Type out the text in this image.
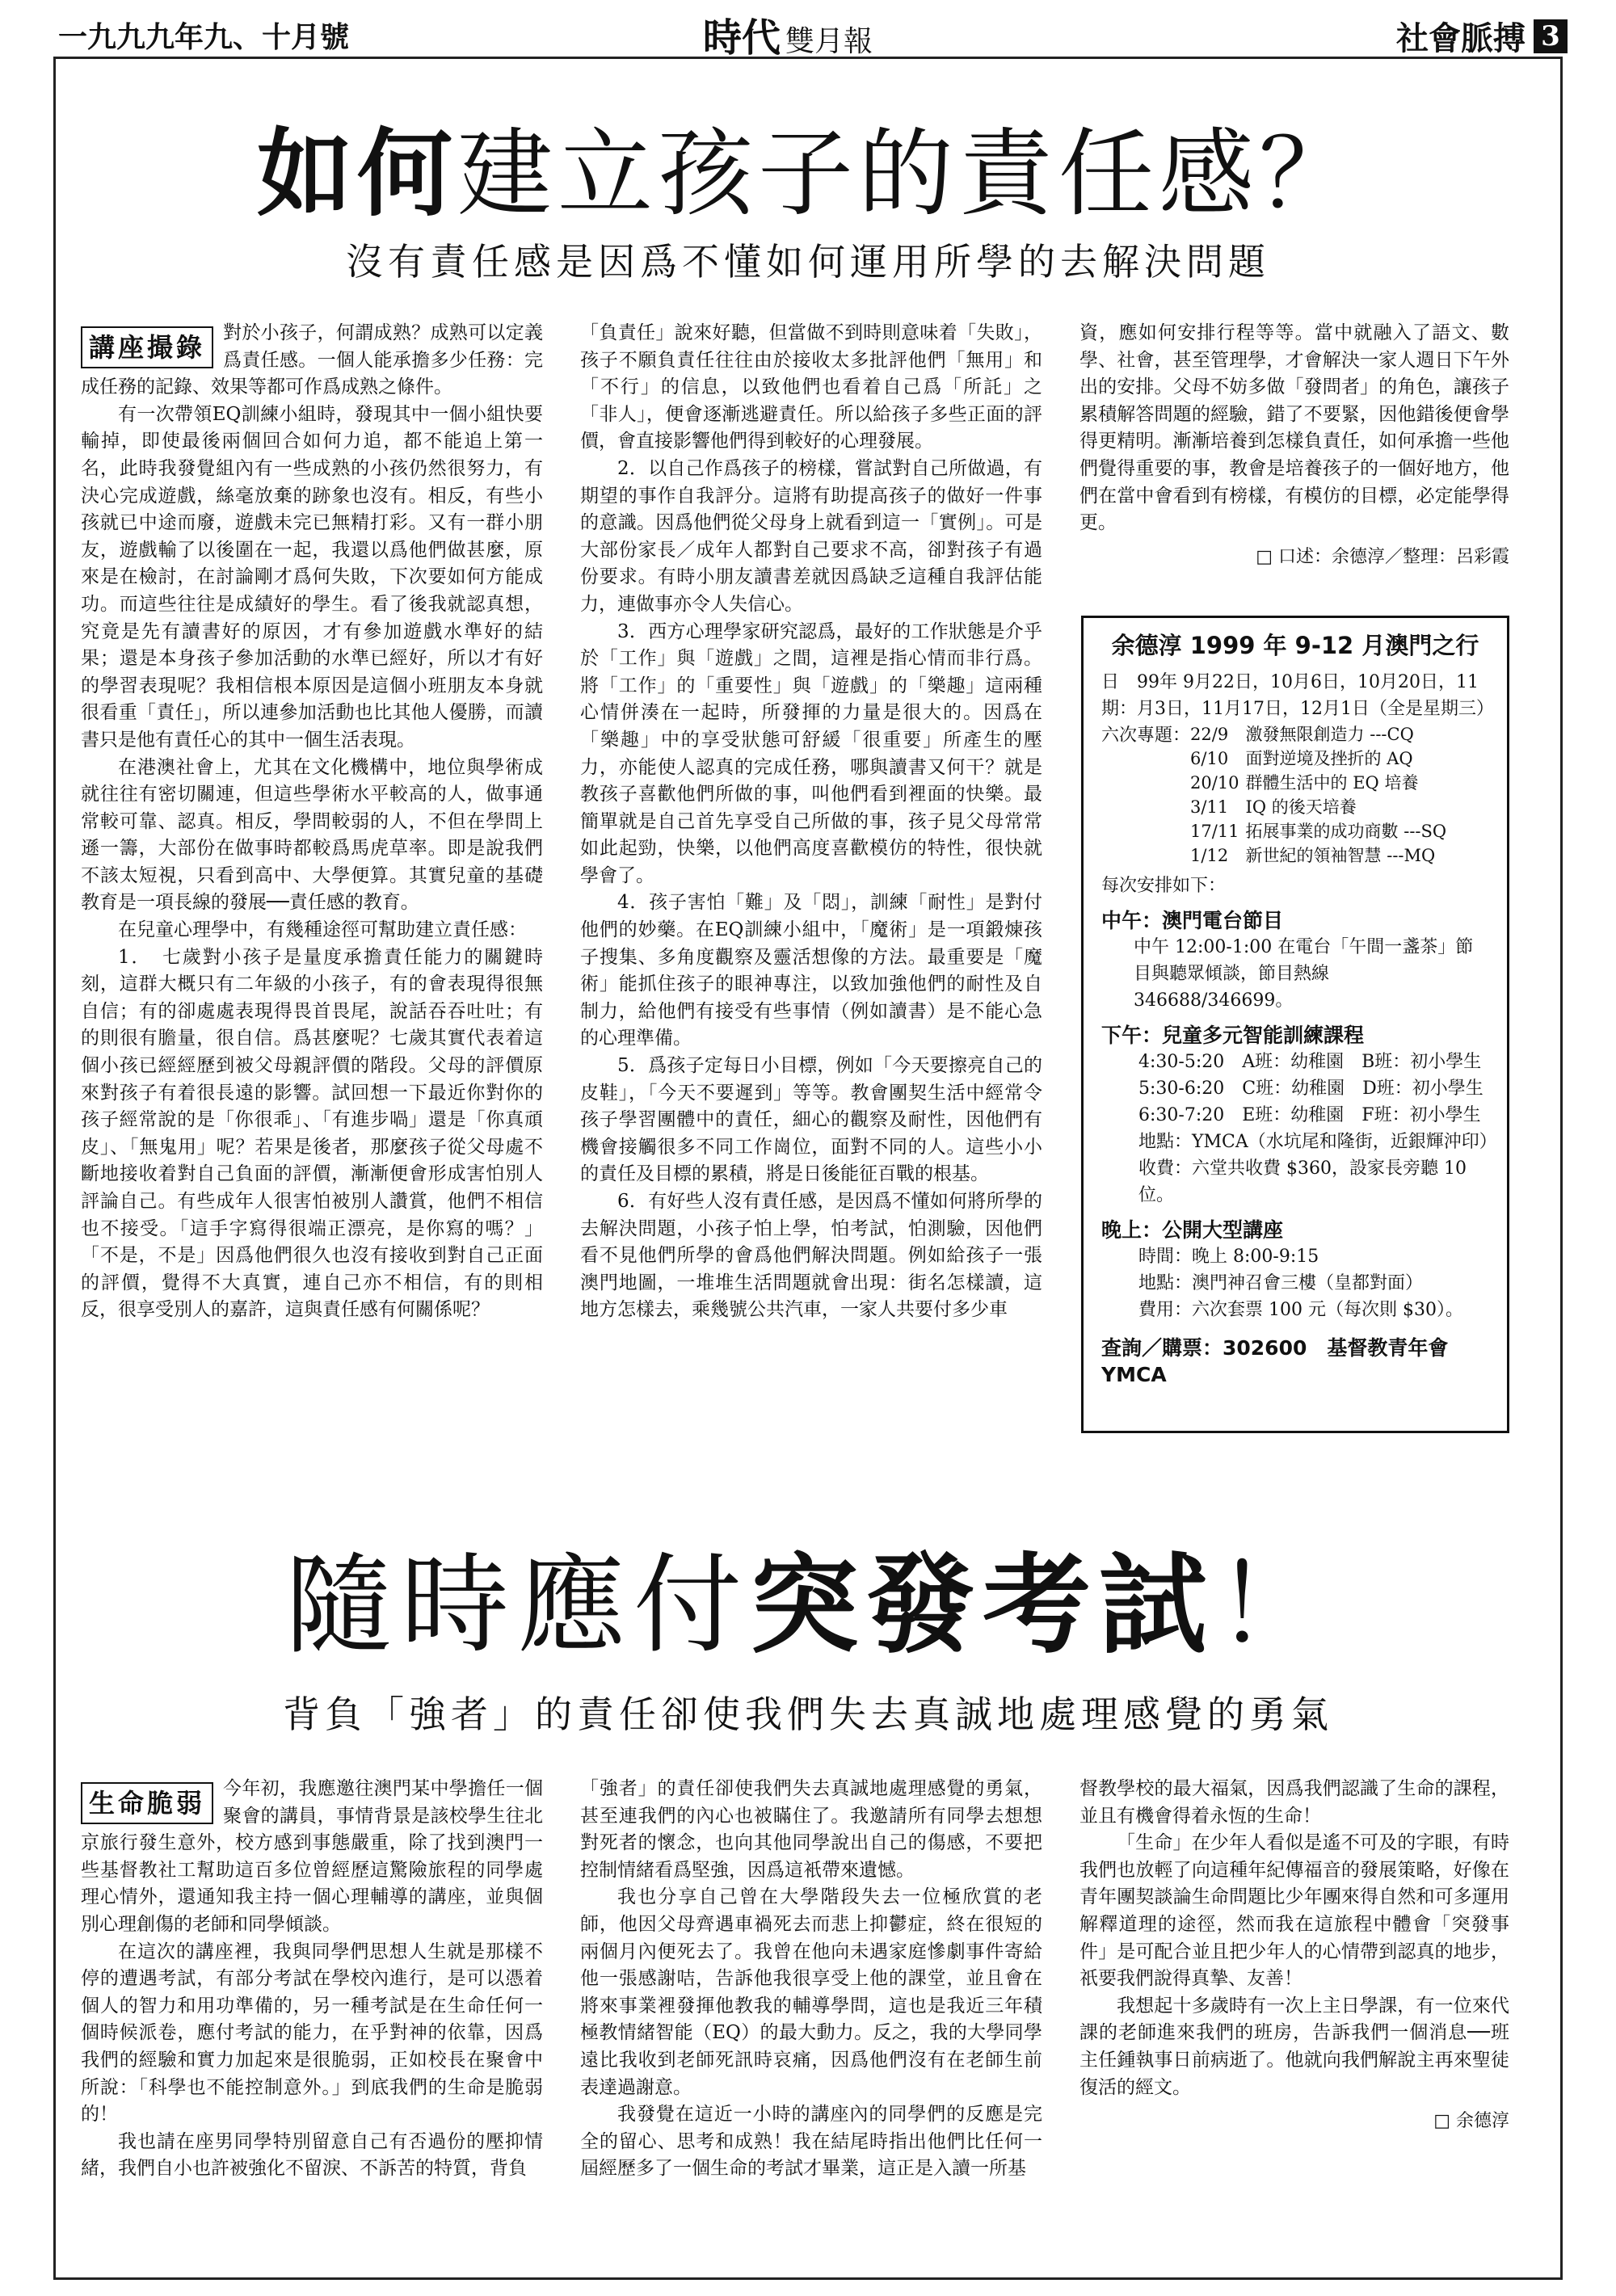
一九九九年九、十月號	時代 雙月報	社會脈搏 3
如何建立孩子的責任感？
沒有責任感是因爲不懂如何運用所學的去解決問題
講座撮錄 對於小孩子，何謂成熟？成熟可以定義爲責任感。一個人能承擔多少任務：完成任務的記錄、效果等都可作爲成熟之條件。

有一次帶領EQ訓練小組時，發現其中一個小組快要輸掉，即使最後兩個回合如何力追，都不能追上第一名，此時我發覺組內有一些成熟的小孩仍然很努力，有決心完成遊戲，絲毫放棄的跡象也沒有。相反，有些小孩就已中途而廢，遊戲未完已無精打彩。又有一群小朋友，遊戲輸了以後圍在一起，我還以爲他們做甚麼，原來是在檢討，在討論剛才爲何失敗，下次要如何方能成功。而這些往往是成績好的學生。看了後我就認真想，究竟是先有讀書好的原因，才有參加遊戲水準好的結果；還是本身孩子參加活動的水準已經好，所以才有好的學習表現呢？我相信根本原因是這個小班朋友本身就很看重「責任」，所以連參加活動也比其他人優勝，而讀書只是他有責任心的其中一個生活表現。

在港澳社會上，尤其在文化機構中，地位與學術成就往往有密切關連，但這些學術水平較高的人，做事通常較可靠、認真。相反，學問較弱的人，不但在學問上遜一籌，大部份在做事時都較爲馬虎草率。即是說我們不該太短視，只看到高中、大學便算。其實兒童的基礎教育是一項長線的發展──責任感的教育。

在兒童心理學中，有幾種途徑可幫助建立責任感：

1．　七歲對小孩子是量度承擔責任能力的關鍵時刻，這群大概只有二年級的小孩子，有的會表現得很無自信；有的卻處處表現得畏首畏尾，說話吞吞吐吐；有的則很有膽量，很自信。爲甚麼呢？七歲其實代表着這個小孩已經經歷到被父母親評價的階段。父母的評價原來對孩子有着很長遠的影響。試回想一下最近你對你的孩子經常說的是「你很乖」、「有進步喎」還是「你真頑皮」、「無鬼用」呢？若果是後者，那麼孩子從父母處不斷地接收着對自己負面的評價，漸漸便會形成害怕別人評論自己。有些成年人很害怕被別人讚賞，他們不相信也不接受。「這手字寫得很端正漂亮，是你寫的嗎？」「不是，不是」因爲他們很久也沒有接收到對自己正面的評價，覺得不大真實，連自己亦不相信，有的則相反，很享受別人的嘉許，這與責任感有何關係呢？

「負責任」說來好聽，但當做不到時則意味着「失敗」，孩子不願負責任往往由於接收太多批評他們「無用」和「不行」的信息，以致他們也看着自己爲「所託」之「非人」，便會逐漸逃避責任。所以給孩子多些正面的評價，會直接影響他們得到較好的心理發展。

2．以自己作爲孩子的榜樣，嘗試對自己所做過，有期望的事作自我評分。這將有助提高孩子的做好一件事的意識。因爲他們從父母身上就看到這一「實例」。可是大部份家長／成年人都對自己要求不高，卻對孩子有過份要求。有時小朋友讀書差就因爲缺乏這種自我評估能力，連做事亦令人失信心。

3．西方心理學家研究認爲，最好的工作狀態是介乎於「工作」與「遊戲」之間，這裡是指心情而非行爲。將「工作」的「重要性」與「遊戲」的「樂趣」這兩種心情併湊在一起時，所發揮的力量是很大的。因爲在「樂趣」中的享受狀態可舒緩「很重要」所產生的壓力，亦能使人認真的完成任務，哪與讀書又何干？就是教孩子喜歡他們所做的事，叫他們看到裡面的快樂。最簡單就是自己首先享受自己所做的事，孩子見父母常常如此起勁，快樂，以他們高度喜歡模仿的特性，很快就學會了。

4．孩子害怕「難」及「悶」，訓練「耐性」是對付他們的妙藥。在EQ訓練小組中，「魔術」是一項鍛煉孩子搜集、多角度觀察及靈活想像的方法。最重要是「魔術」能抓住孩子的眼神專注，以致加強他們的耐性及自制力，給他們有接受有些事情（例如讀書）是不能心急的心理準備。

5．爲孩子定每日小目標，例如「今天要擦亮自己的皮鞋」，「今天不要遲到」等等。教會團契生活中經常令孩子學習團體中的責任，細心的觀察及耐性，因他們有機會接觸很多不同工作崗位，面對不同的人。這些小小的責任及目標的累積，將是日後能征百戰的根基。

6．有好些人沒有責任感，是因爲不懂如何將所學的去解決問題，小孩子怕上學，怕考試，怕測驗，因他們看不見他們所學的會爲他們解決問題。例如給孩子一張澳門地圖，一堆堆生活問題就會出現：街名怎樣讀，這地方怎樣去，乘幾號公共汽車，一家人共要付多少車

資，應如何安排行程等等。當中就融入了語文、數學、社會，甚至管理學，才會解決一家人週日下午外出的安排。父母不妨多做「發問者」的角色，讓孩子累積解答問題的經驗，錯了不要緊，因他錯後便會學得更精明。漸漸培養到怎樣負責任，如何承擔一些他們覺得重要的事，教會是培養孩子的一個好地方，他們在當中會看到有榜樣，有模仿的目標，必定能學得更。

□ 口述：余德淳／整理：呂彩霞
余德淳 1999 年 9-12 月澳門之行
日期：
99年 9月22日，10月6日，10月20日，11月3日，11月17日，12月1日（全是星期三）
六次專題： 22/9	激發無限創造力 ---CQ
6/10	面對逆境及挫折的 AQ
20/10	群體生活中的 EQ 培養
3/11	IQ 的後天培養
17/11	拓展事業的成功商數 ---SQ
1/12	新世紀的領袖智慧 ---MQ
每次安排如下：
中午：澳門電台節目
中午 12:00-1:00 在電台「午間一盞茶」節目與聽眾傾談，節目熱線 346688/346699。
下午：兒童多元智能訓練課程
4:30-5:20　A班：幼稚園　B班：初小學生
5:30-6:20　C班：幼稚園　D班：初小學生
6:30-7:20　E班：幼稚園　F班：初小學生
地點：YMCA（水坑尾和隆街，近銀輝沖印）
收費：六堂共收費 $360，設家長旁聽 10 位。
晚上：公開大型講座
時間：晚上 8:00-9:15
地點：澳門神召會三樓（皇都對面）
費用：六次套票 100 元（每次則 $30）。
查詢／購票：302600　基督教青年會 YMCA
隨時應付突發考試！
背負「強者」的責任卻使我們失去真誠地處理感覺的勇氣
生命脆弱 今年初，我應邀往澳門某中學擔任一個聚會的講員，事情背景是該校學生往北京旅行發生意外，校方感到事態嚴重，除了找到澳門一些基督教社工幫助這百多位曾經歷這驚險旅程的同學處理心情外，還通知我主持一個心理輔導的講座，並與個別心理創傷的老師和同學傾談。

在這次的講座裡，我與同學們思想人生就是那樣不停的遭遇考試，有部分考試在學校內進行，是可以憑着個人的智力和用功準備的，另一種考試是在生命任何一個時候派卷，應付考試的能力，在乎對神的依靠，因爲我們的經驗和實力加起來是很脆弱，正如校長在聚會中所說：「科學也不能控制意外。」到底我們的生命是脆弱的！

我也請在座男同學特別留意自己有否過份的壓抑情緒，我們自小也許被強化不留淚、不訴苦的特質，背負

「強者」的責任卻使我們失去真誠地處理感覺的勇氣，甚至連我們的內心也被瞞住了。我邀請所有同學去想想對死者的懷念，也向其他同學說出自己的傷感，不要把控制情緒看爲堅強，因爲這衹帶來遺憾。

我也分享自己曾在大學階段失去一位極欣賞的老師，他因父母齊遇車禍死去而悲上抑鬱症，終在很短的兩個月內便死去了。我曾在他向未遇家庭慘劇事件寄給他一張感謝咭，告訴他我很享受上他的課堂，並且會在將來事業裡發揮他教我的輔導學問，這也是我近三年積極教情緒智能（EQ）的最大動力。反之，我的大學同學遠比我收到老師死訊時哀痛，因爲他們沒有在老師生前表達過謝意。

我發覺在這近一小時的講座內的同學們的反應是完全的留心、思考和成熟！我在結尾時指出他們比任何一屆經歷多了一個生命的考試才畢業，這正是入讀一所基

督教學校的最大福氣，因爲我們認識了生命的課程，並且有機會得着永恆的生命！

「生命」在少年人看似是遙不可及的字眼，有時我們也放輕了向這種年紀傳福音的發展策略，好像在青年團契談論生命問題比少年團來得自然和可多運用解釋道理的途徑，然而我在這旅程中體會「突發事件」是可配合並且把少年人的心情帶到認真的地步，祇要我們說得真摯、友善！

我想起十多歲時有一次上主日學課，有一位來代課的老師進來我們的班房，告訴我們一個消息──班主任鍾執事日前病逝了。他就向我們解說主再來聖徒復活的經文。

□ 余德淳
